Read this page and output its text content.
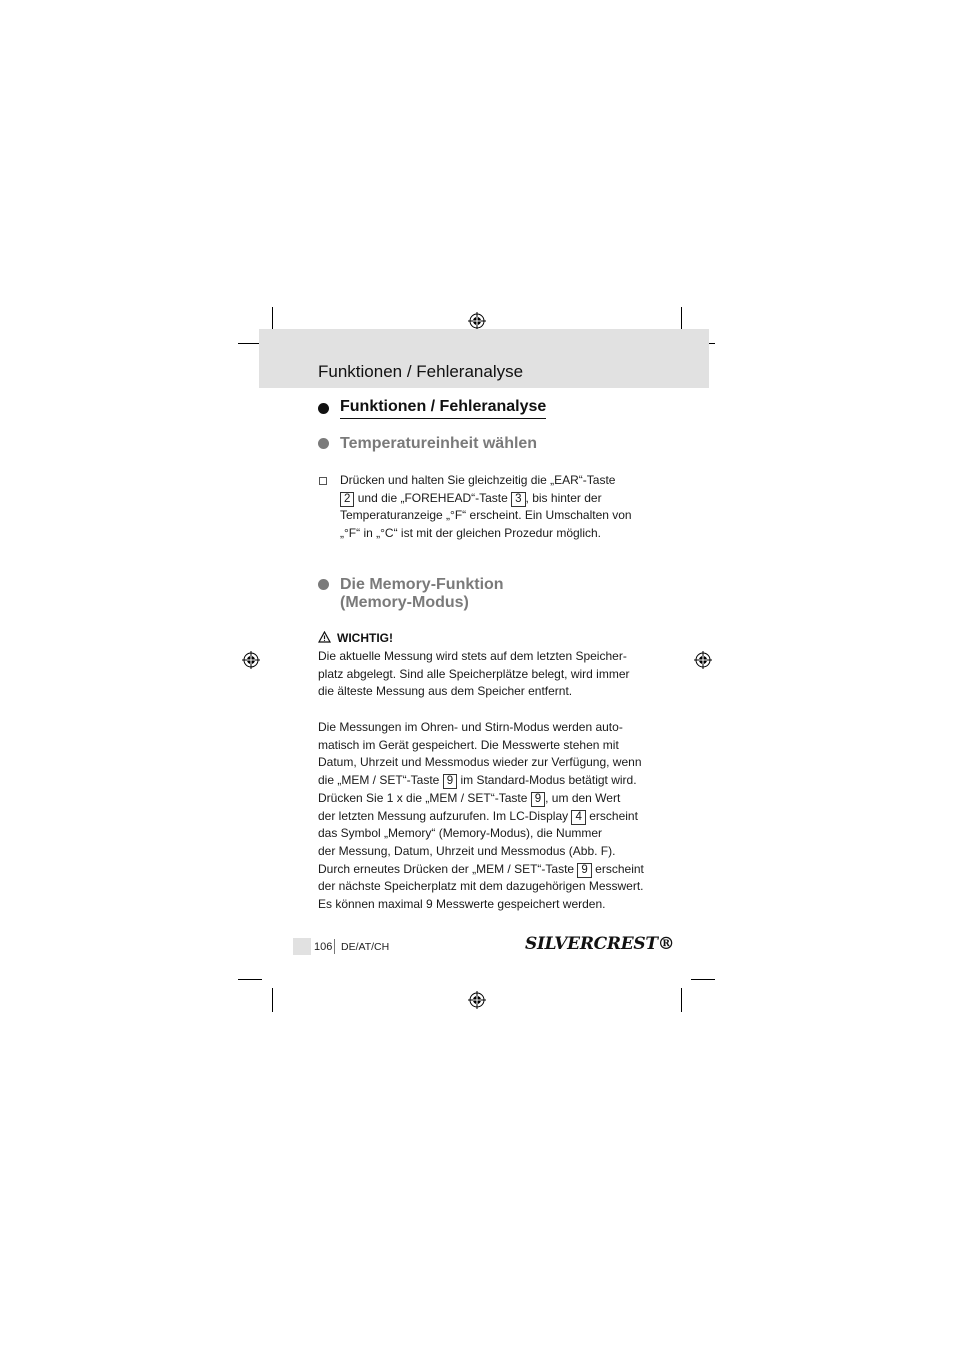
Funktionen / Fehleranalyse
Funktionen / Fehleranalyse
Temperatureinheit wählen
Drücken und halten Sie gleichzeitig die „EAR“-Taste
2 und die „FOREHEAD“-Taste 3 , bis hinter der
Temperaturanzeige „°F“ erscheint. Ein Umschalten von
„°F“ in „°C“ ist mit der gleichen Prozedur möglich.
Die Memory-Funktion
(Memory-Modus)
WICHTIG!
Die aktuelle Messung wird stets auf dem letzten Speicher-
platz abgelegt. Sind alle Speicherplätze belegt, wird immer
die älteste Messung aus dem Speicher entfernt.
Die Messungen im Ohren- und Stirn-Modus werden auto-
matisch im Gerät gespeichert. Die Messwerte stehen mit
Datum, Uhrzeit und Messmodus wieder zur Verfügung, wenn
die „MEM / SET“-Taste 9 im Standard-Modus betätigt wird.
Drücken Sie 1 x die „MEM / SET“-Taste 9 , um den Wert
der letzten Messung aufzurufen. Im LC-Display 4 erscheint
das Symbol „Memory“ (Memory-Modus), die Nummer
der Messung, Datum, Uhrzeit und Messmodus (Abb. F).
Durch erneutes Drücken der „MEM / SET“-Taste 9 erscheint
der nächste Speicherplatz mit dem dazugehörigen Messwert.
Es können maximal 9 Messwerte gespeichert werden.
106 DE/AT/CH	SILVERCREST®
